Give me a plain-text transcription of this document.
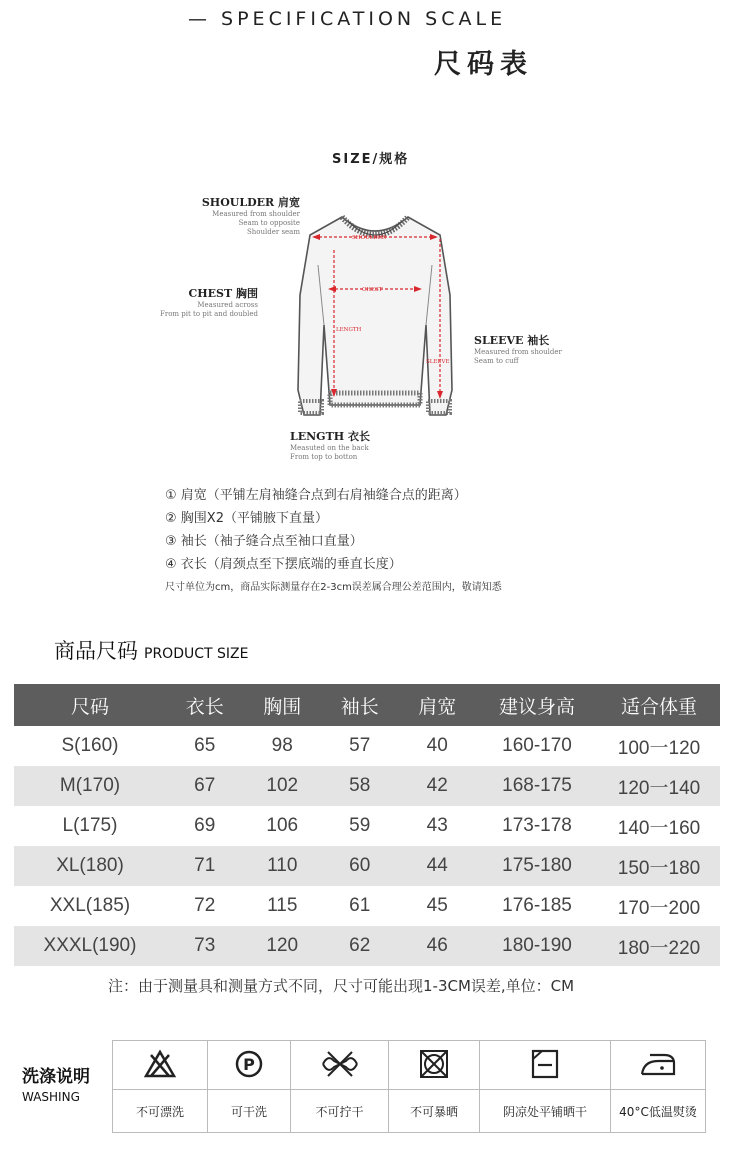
— SPECIFICATION SCALE
尺码表
SIZE/规格
SHOULDER
CHEST
LENGTH
SLEEVE
SHOULDER 肩宽
Measured from shoulder
Seam to opposite
Shoulder seam
CHEST 胸围
Measured across
From pit to pit and doubled
SLEEVE 袖长
Measured from shoulder
Seam to cuff
LENGTH 衣长
Measuted on the back
From top to botton
① 肩宽（平铺左肩袖缝合点到右肩袖缝合点的距离）
② 胸围X2（平铺腋下直量）
③ 袖长（袖子缝合点至袖口直量）
④ 衣长（肩颈点至下摆底端的垂直长度）
尺寸单位为cm，商品实际测量存在2-3cm误差属合理公差范围内，敬请知悉
商品尺码 PRODUCT SIZE
尺码	衣长	胸围	袖长	肩宽	建议身高	适合体重
S(160)	65	98	57	40	160-170	100一120
M(170)	67	102	58	42	168-175	120一140
L(175)	69	106	59	43	173-178	140一160
XL(180)	71	110	60	44	175-180	150一180
XXL(185)	72	115	61	45	176-185	170一200
XXXL(190)	73	120	62	46	180-190	180一220
注：由于测量具和测量方式不同，尺寸可能出现1-3CM误差,单位：CM
洗涤说明
WASHING

P

不可漂洗	可干洗	不可拧干	不可暴晒	阴凉处平铺晒干	40°C低温熨烫
